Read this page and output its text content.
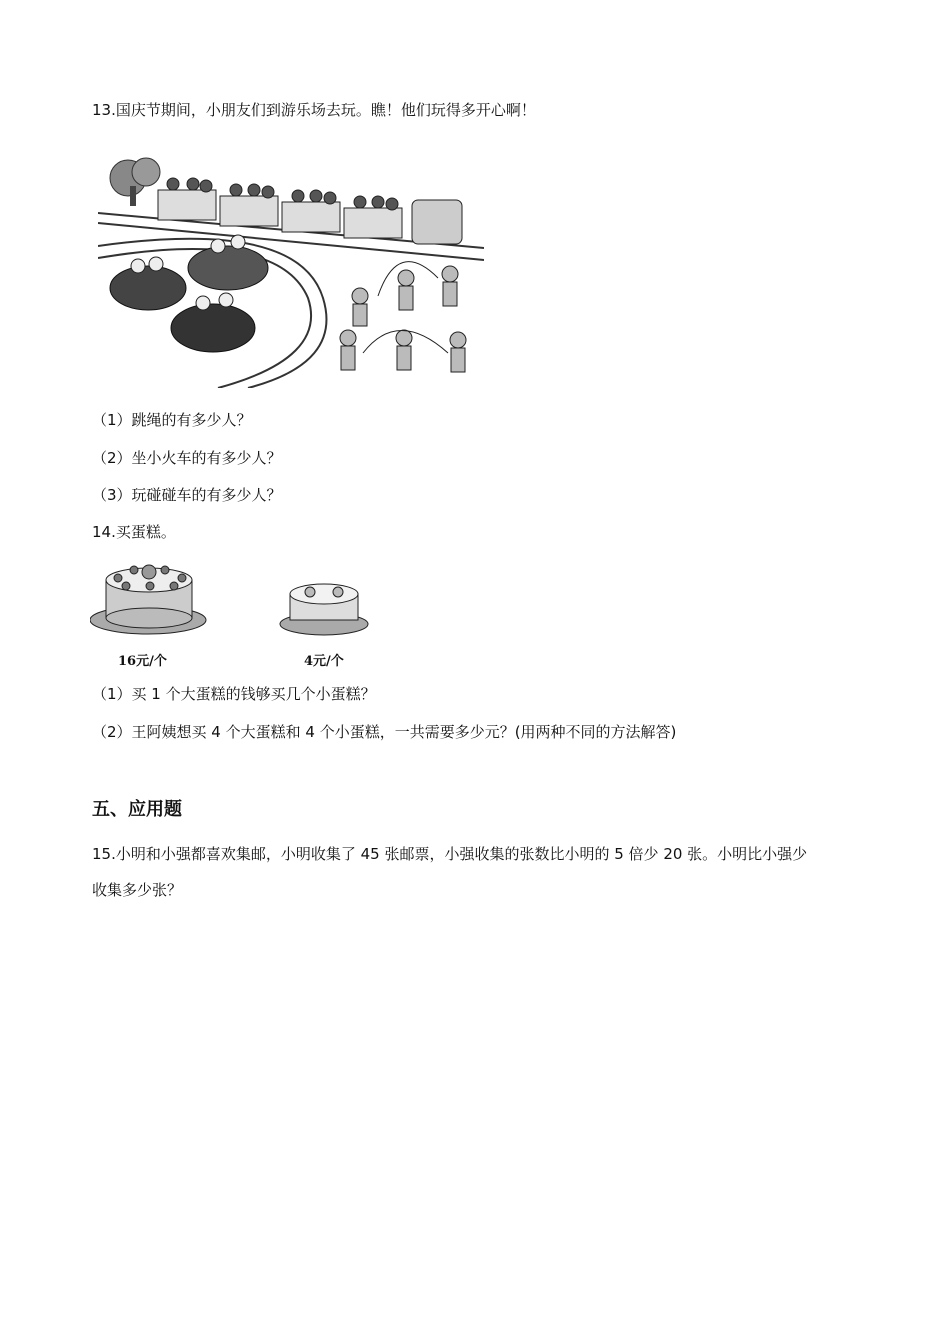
13.国庆节期间，小朋友们到游乐场去玩。瞧！他们玩得多开心啊！
（1）跳绳的有多少人？
（2）坐小火车的有多少人？
（3）玩碰碰车的有多少人？
14.买蛋糕。
16元/个	4元/个
（1）买 1 个大蛋糕的钱够买几个小蛋糕？
（2）王阿姨想买 4 个大蛋糕和 4 个小蛋糕，一共需要多少元？(用两种不同的方法解答)
五、应用题
15.小明和小强都喜欢集邮，小明收集了 45 张邮票，小强收集的张数比小明的 5 倍少 20 张。小明比小强少
收集多少张？
